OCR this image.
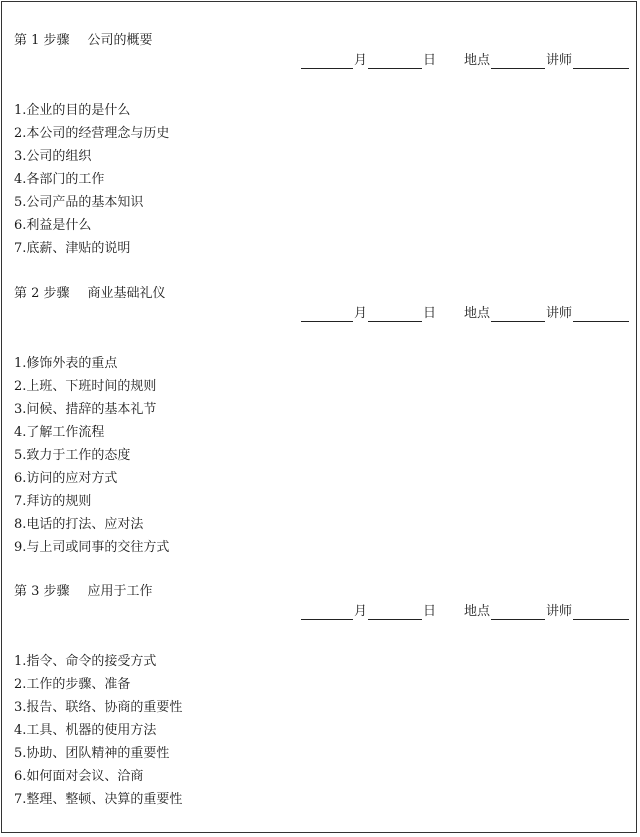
第 1 步骤 公司的概要
月	日 地点	讲师
1.企业的目的是什么
2.本公司的经营理念与历史
3.公司的组织
4.各部门的工作
5.公司产品的基本知识
6.利益是什么
7.底薪、津贴的说明
第 2 步骤 商业基础礼仪
月	日 地点	讲师
1.修饰外表的重点
2.上班、下班时间的规则
3.问候、措辞的基本礼节
4.了解工作流程
5.致力于工作的态度
6.访问的应对方式
7.拜访的规则
8.电话的打法、应对法
9.与上司或同事的交往方式
第 3 步骤 应用于工作
月	日 地点	讲师
1.指令、命令的接受方式
2.工作的步骤、准备
3.报告、联络、协商的重要性
4.工具、机器的使用方法
5.协助、团队精神的重要性
6.如何面对会议、洽商
7.整理、整顿、决算的重要性
